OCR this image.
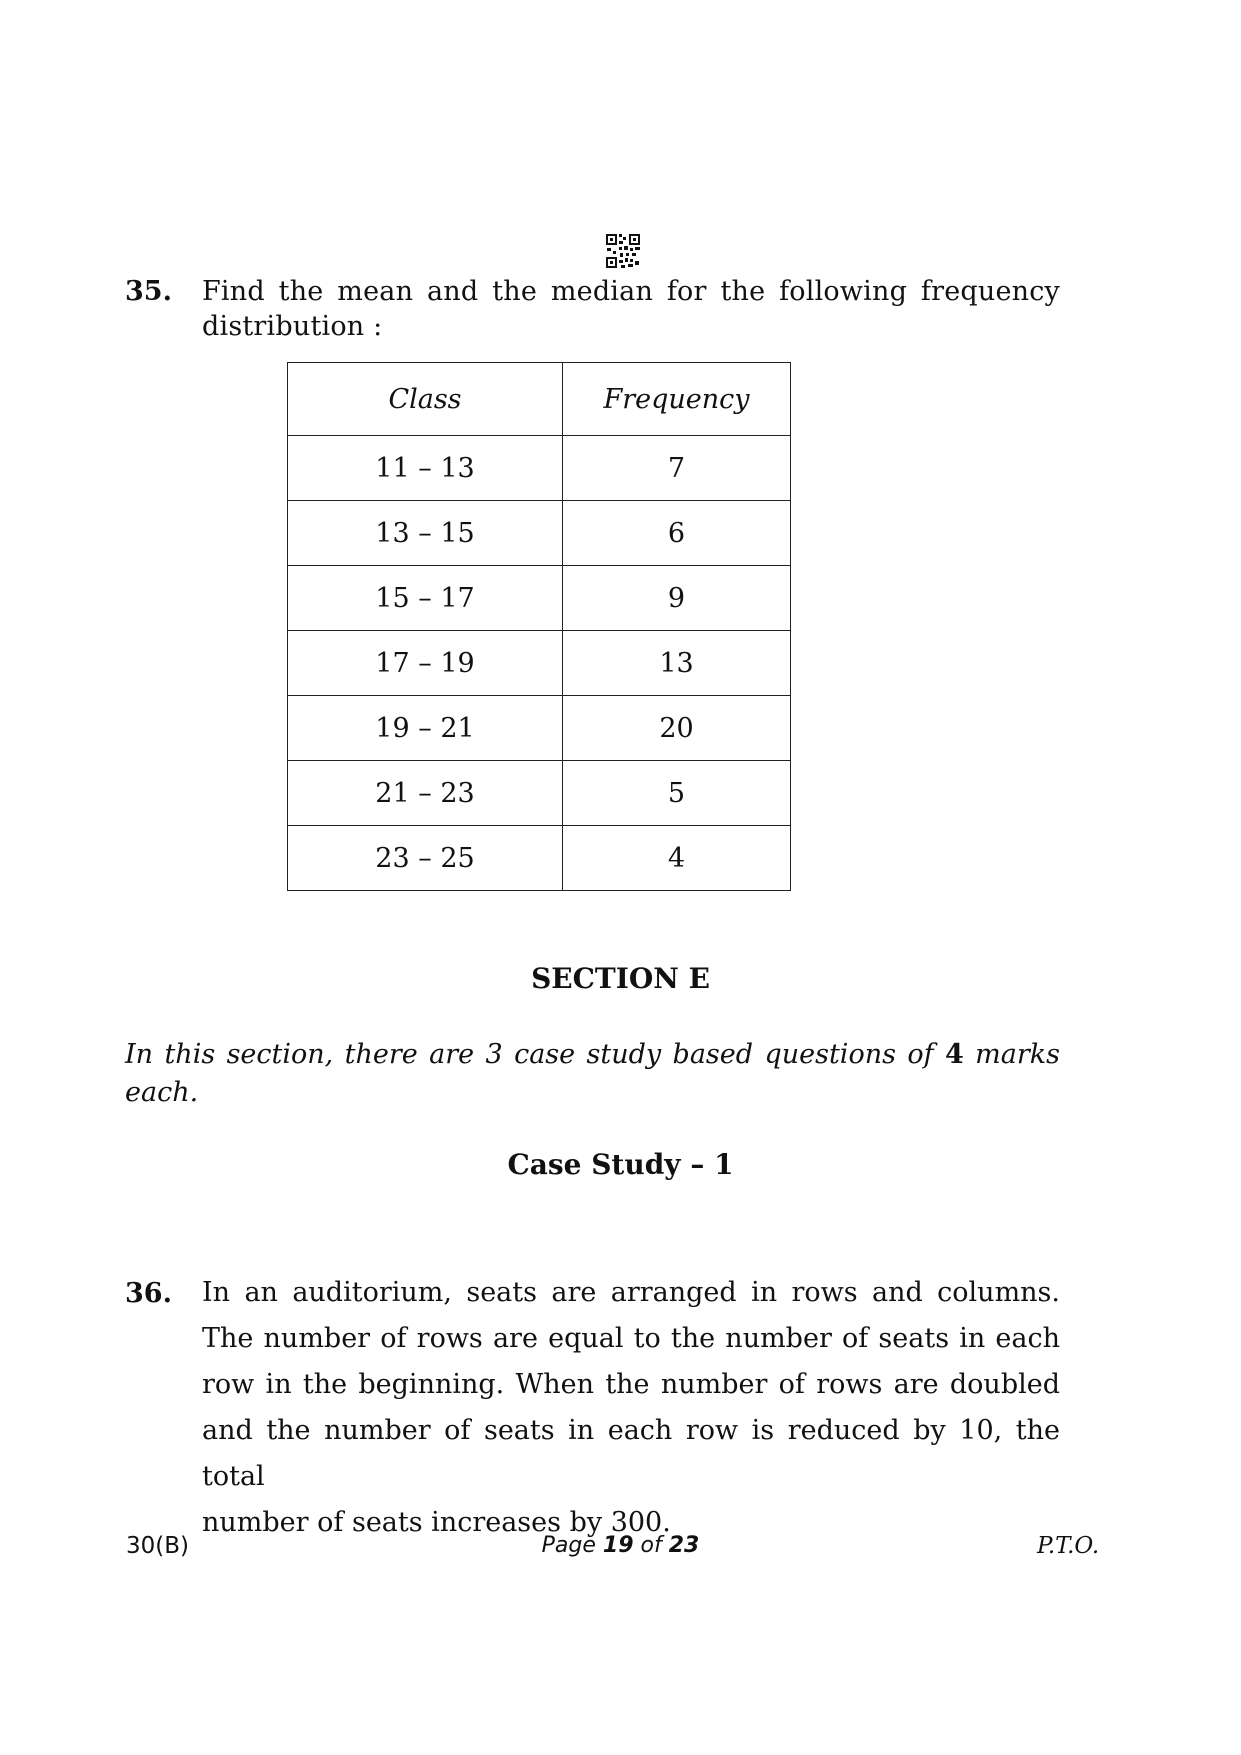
35. Find the mean and the median for the following frequency
distribution :
Class	Frequency
11 – 13	7
13 – 15	6
15 – 17	9
17 – 19	13
19 – 21	20
21 – 23	5
23 – 25	4
SECTION E
In this section, there are 3 case study based questions of 4 marks
each.
Case Study – 1
36. In an auditorium, seats are arranged in rows and columns.
The number of rows are equal to the number of seats in each
row in the beginning. When the number of rows are doubled
and the number of seats in each row is reduced by 10, the total
number of seats increases by 300.
30(B)	Page 19 of 23	P.T.O.
